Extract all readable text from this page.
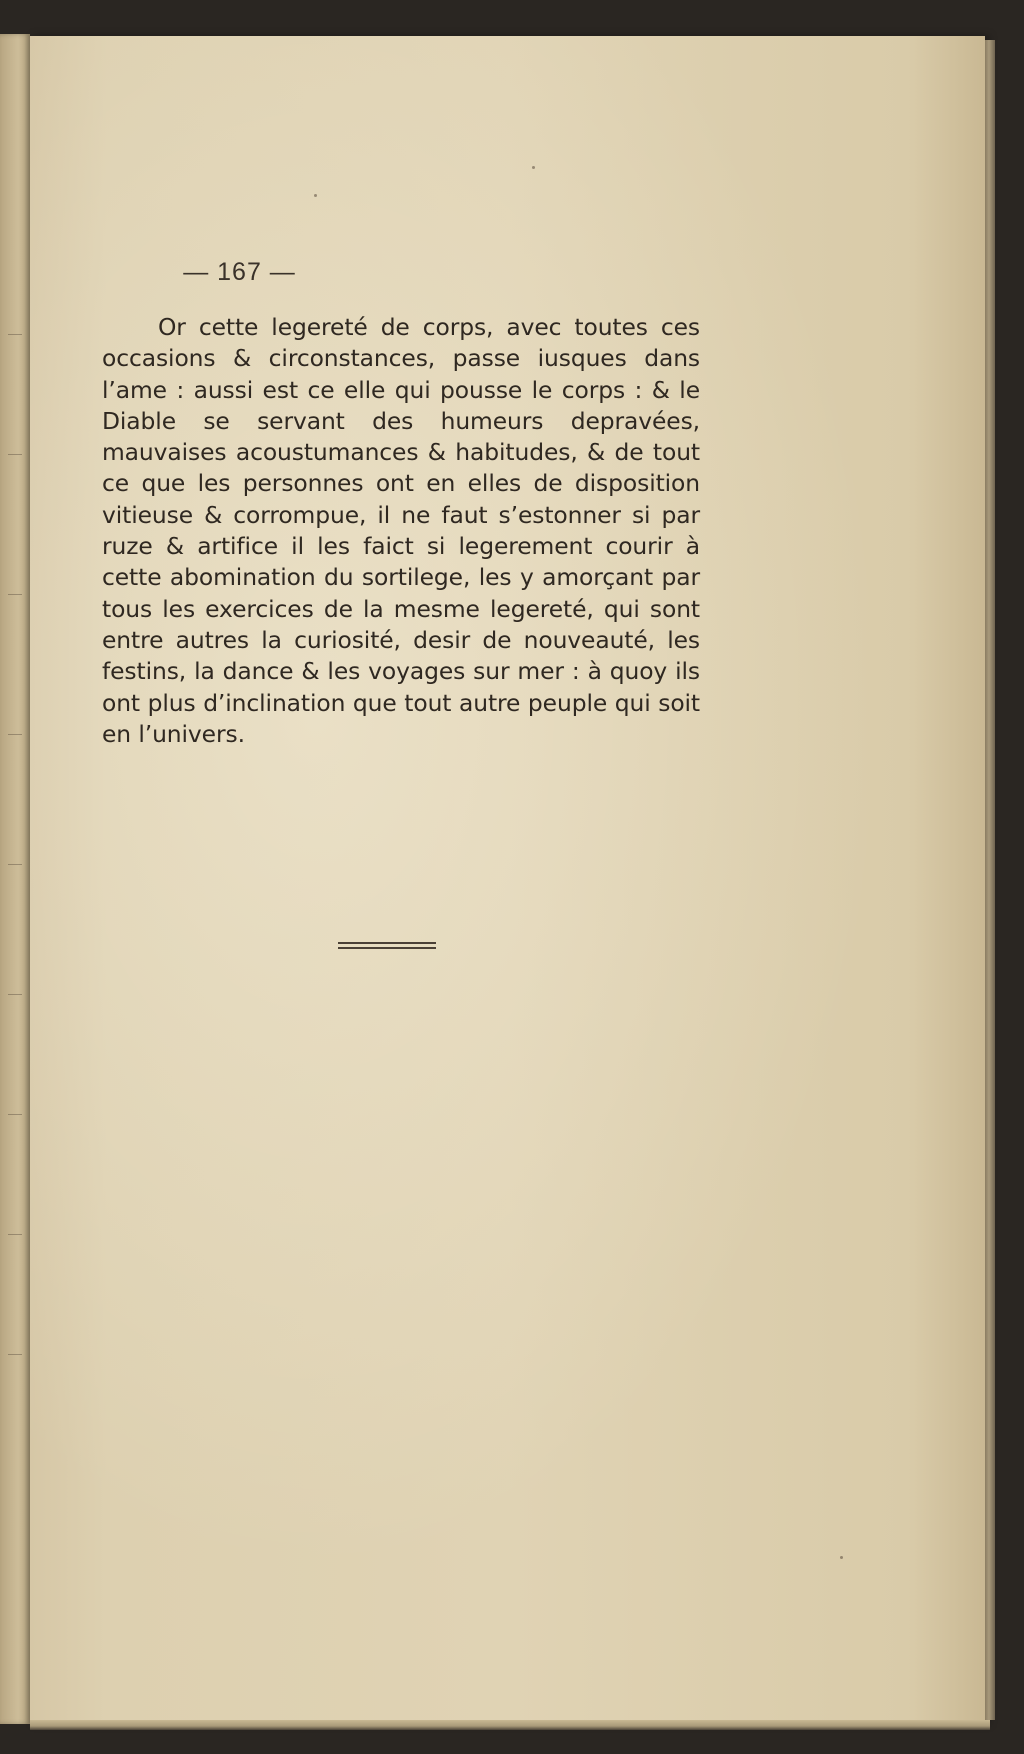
— 167 —

Or cette legereté de corps, avec toutes ces occasions & circonstances, passe iusques dans l’ame : aussi est ce elle qui pousse le corps : & le Diable se servant des humeurs depravées, mauvaises acoustumances & habitudes, & de tout ce que les personnes ont en elles de disposition vitieuse & corrompue, il ne faut s’estonner si par ruze & artifice il les faict si legerement courir à cette abomination du sortilege, les y amorçant par tous les exercices de la mesme legereté, qui sont entre autres la curiosité, desir de nouveauté, les festins, la dance & les voyages sur mer : à quoy ils ont plus d’inclination que tout autre peuple qui soit en l’univers.
